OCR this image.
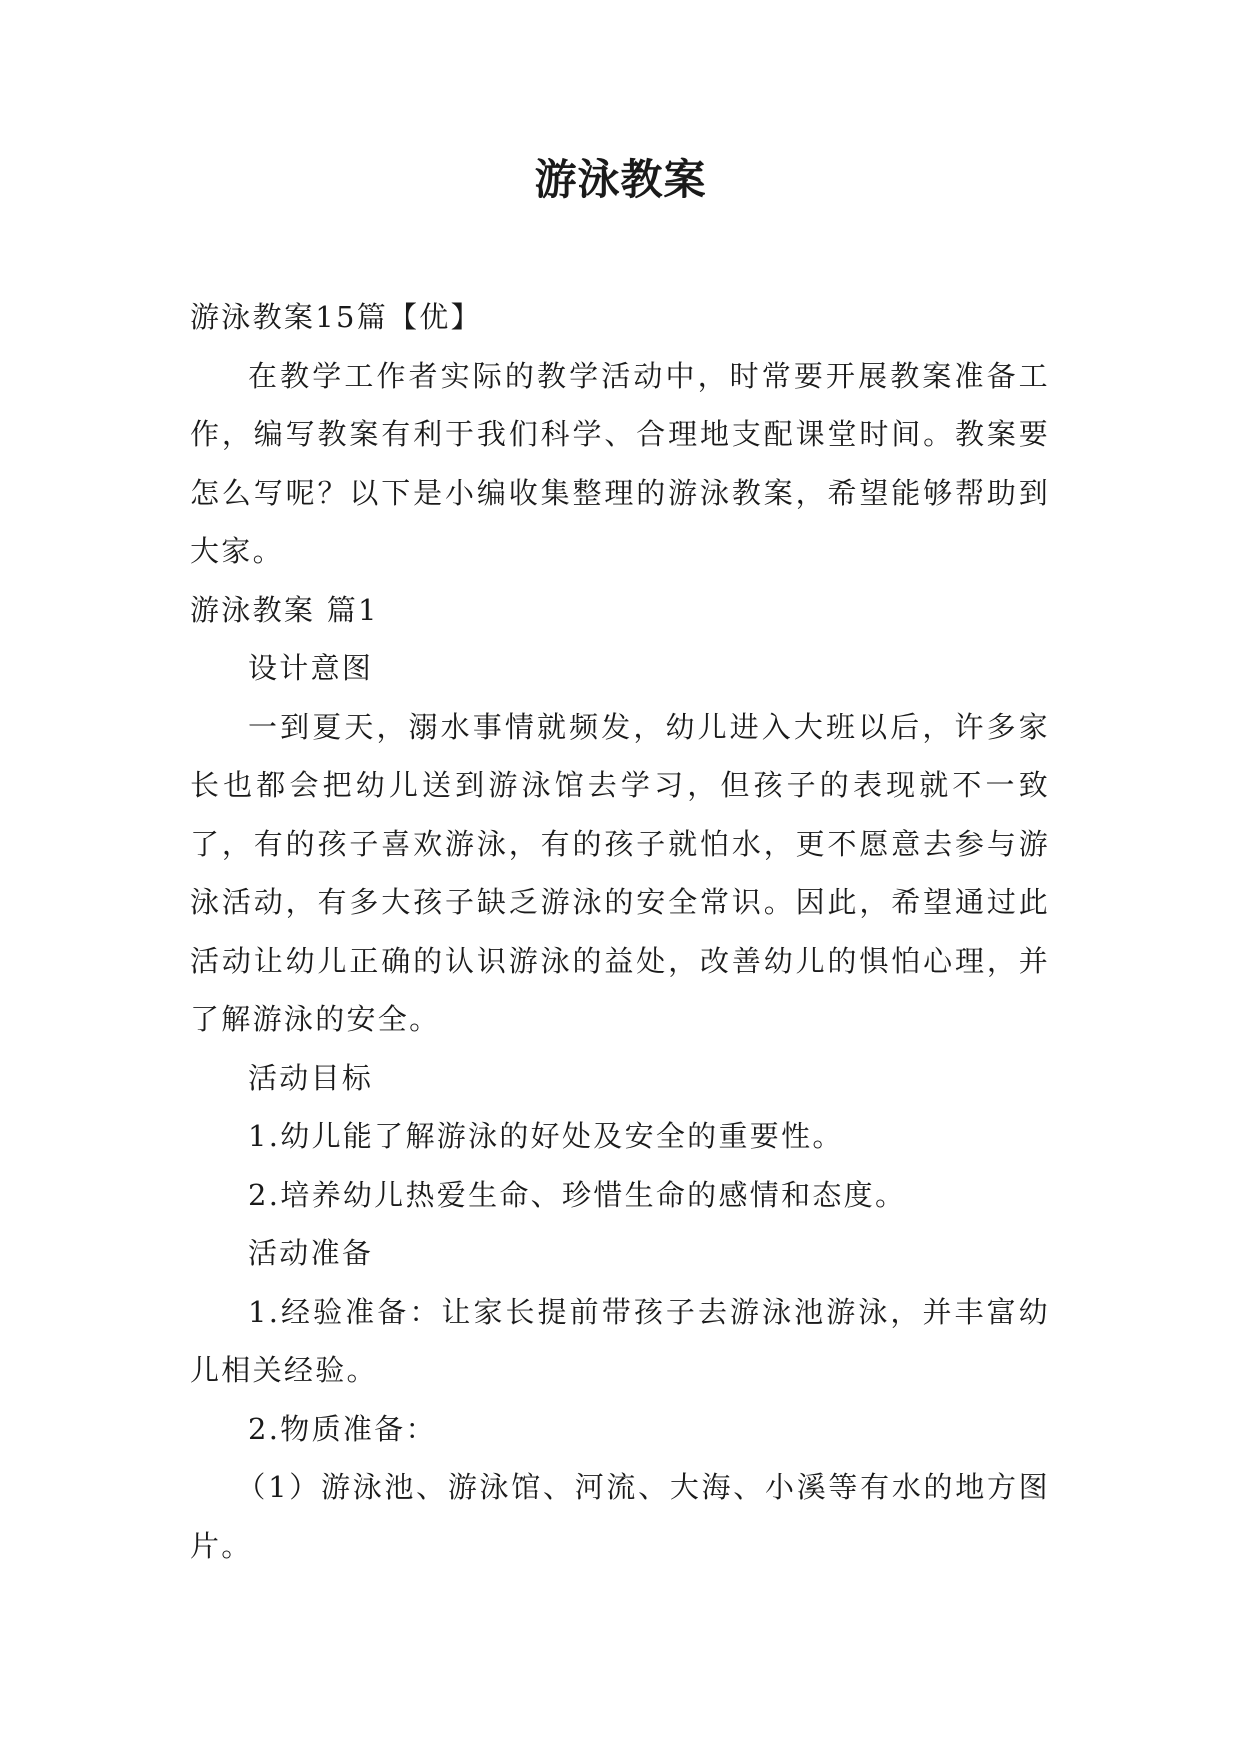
游泳教案

游泳教案15篇【优】

在教学工作者实际的教学活动中，时常要开展教案准备工作，编写教案有利于我们科学、合理地支配课堂时间。教案要怎么写呢？以下是小编收集整理的游泳教案，希望能够帮助到大家。

游泳教案 篇1

设计意图

一到夏天，溺水事情就频发，幼儿进入大班以后，许多家长也都会把幼儿送到游泳馆去学习，但孩子的表现就不一致了，有的孩子喜欢游泳，有的孩子就怕水，更不愿意去参与游泳活动，有多大孩子缺乏游泳的安全常识。因此，希望通过此活动让幼儿正确的认识游泳的益处，改善幼儿的惧怕心理，并了解游泳的安全。

活动目标

1.幼儿能了解游泳的好处及安全的重要性。

2.培养幼儿热爱生命、珍惜生命的感情和态度。

活动准备

1.经验准备：让家长提前带孩子去游泳池游泳，并丰富幼儿相关经验。

2.物质准备：

（1）游泳池、游泳馆、河流、大海、小溪等有水的地方图片。
